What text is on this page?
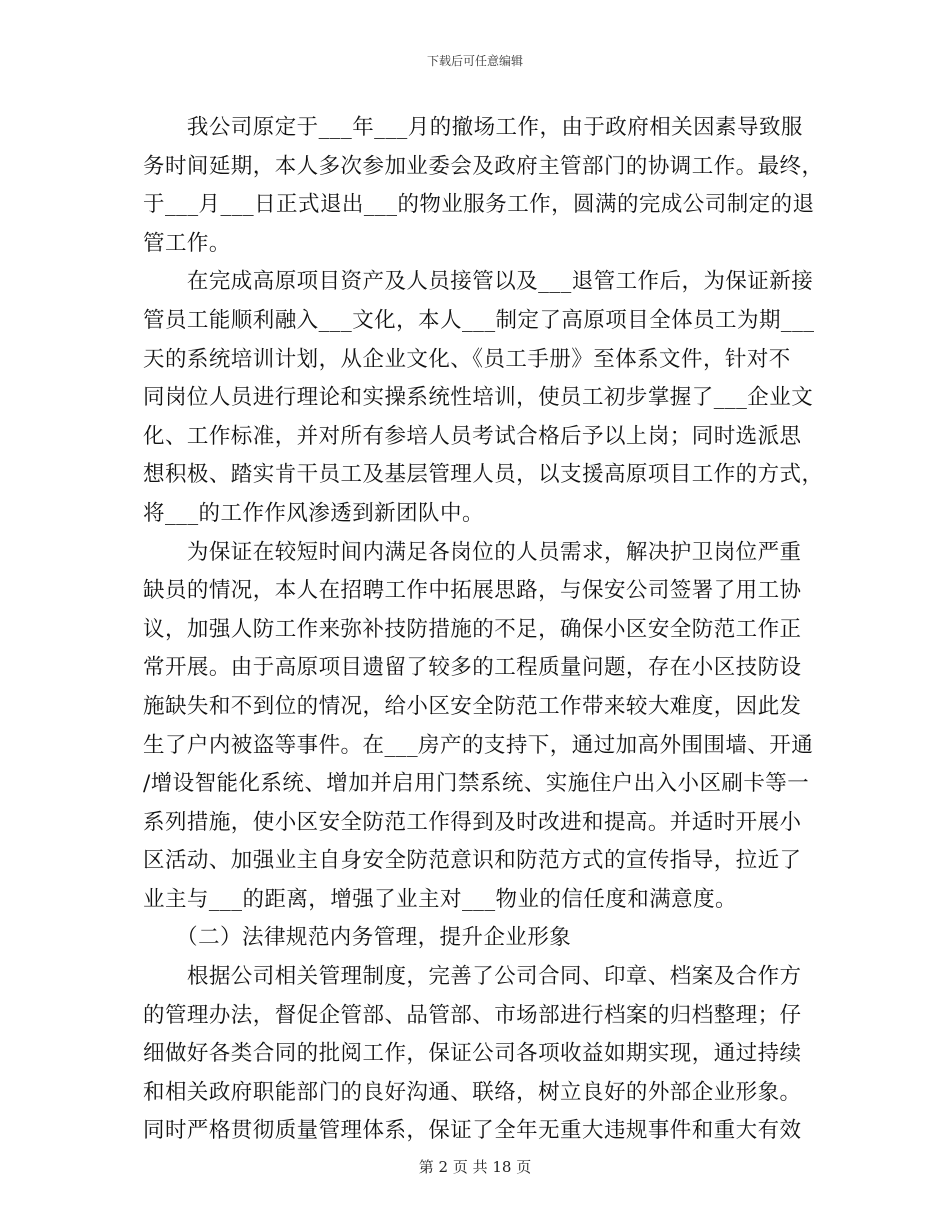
下载后可任意编辑
　　我公司原定于___年___月的撤场工作，由于政府相关因素导致服
务时间延期，本人多次参加业委会及政府主管部门的协调工作。最终，
于___月___日正式退出___的物业服务工作，圆满的完成公司制定的退
管工作。
　　在完成高原项目资产及人员接管以及___退管工作后，为保证新接
管员工能顺利融入___文化，本人___制定了高原项目全体员工为期___
天的系统培训计划，从企业文化、《员工手册》至体系文件，针对不
同岗位人员进行理论和实操系统性培训，使员工初步掌握了___企业文
化、工作标准，并对所有参培人员考试合格后予以上岗；同时选派思
想积极、踏实肯干员工及基层管理人员，以支援高原项目工作的方式，
将___的工作作风渗透到新团队中。
　　为保证在较短时间内满足各岗位的人员需求，解决护卫岗位严重
缺员的情况，本人在招聘工作中拓展思路，与保安公司签署了用工协
议，加强人防工作来弥补技防措施的不足，确保小区安全防范工作正
常开展。由于高原项目遗留了较多的工程质量问题，存在小区技防设
施缺失和不到位的情况，给小区安全防范工作带来较大难度，因此发
生了户内被盗等事件。在___房产的支持下，通过加高外围围墙、开通
/增设智能化系统、增加并启用门禁系统、实施住户出入小区刷卡等一
系列措施，使小区安全防范工作得到及时改进和提高。并适时开展小
区活动、加强业主自身安全防范意识和防范方式的宣传指导，拉近了
业主与___的距离，增强了业主对___物业的信任度和满意度。
　　（二）法律规范内务管理，提升企业形象
　　根据公司相关管理制度，完善了公司合同、印章、档案及合作方
的管理办法，督促企管部、品管部、市场部进行档案的归档整理；仔
细做好各类合同的批阅工作，保证公司各项收益如期实现，通过持续
和相关政府职能部门的良好沟通、联络，树立良好的外部企业形象。
同时严格贯彻质量管理体系，保证了全年无重大违规事件和重大有效
第 2 页 共 18 页
